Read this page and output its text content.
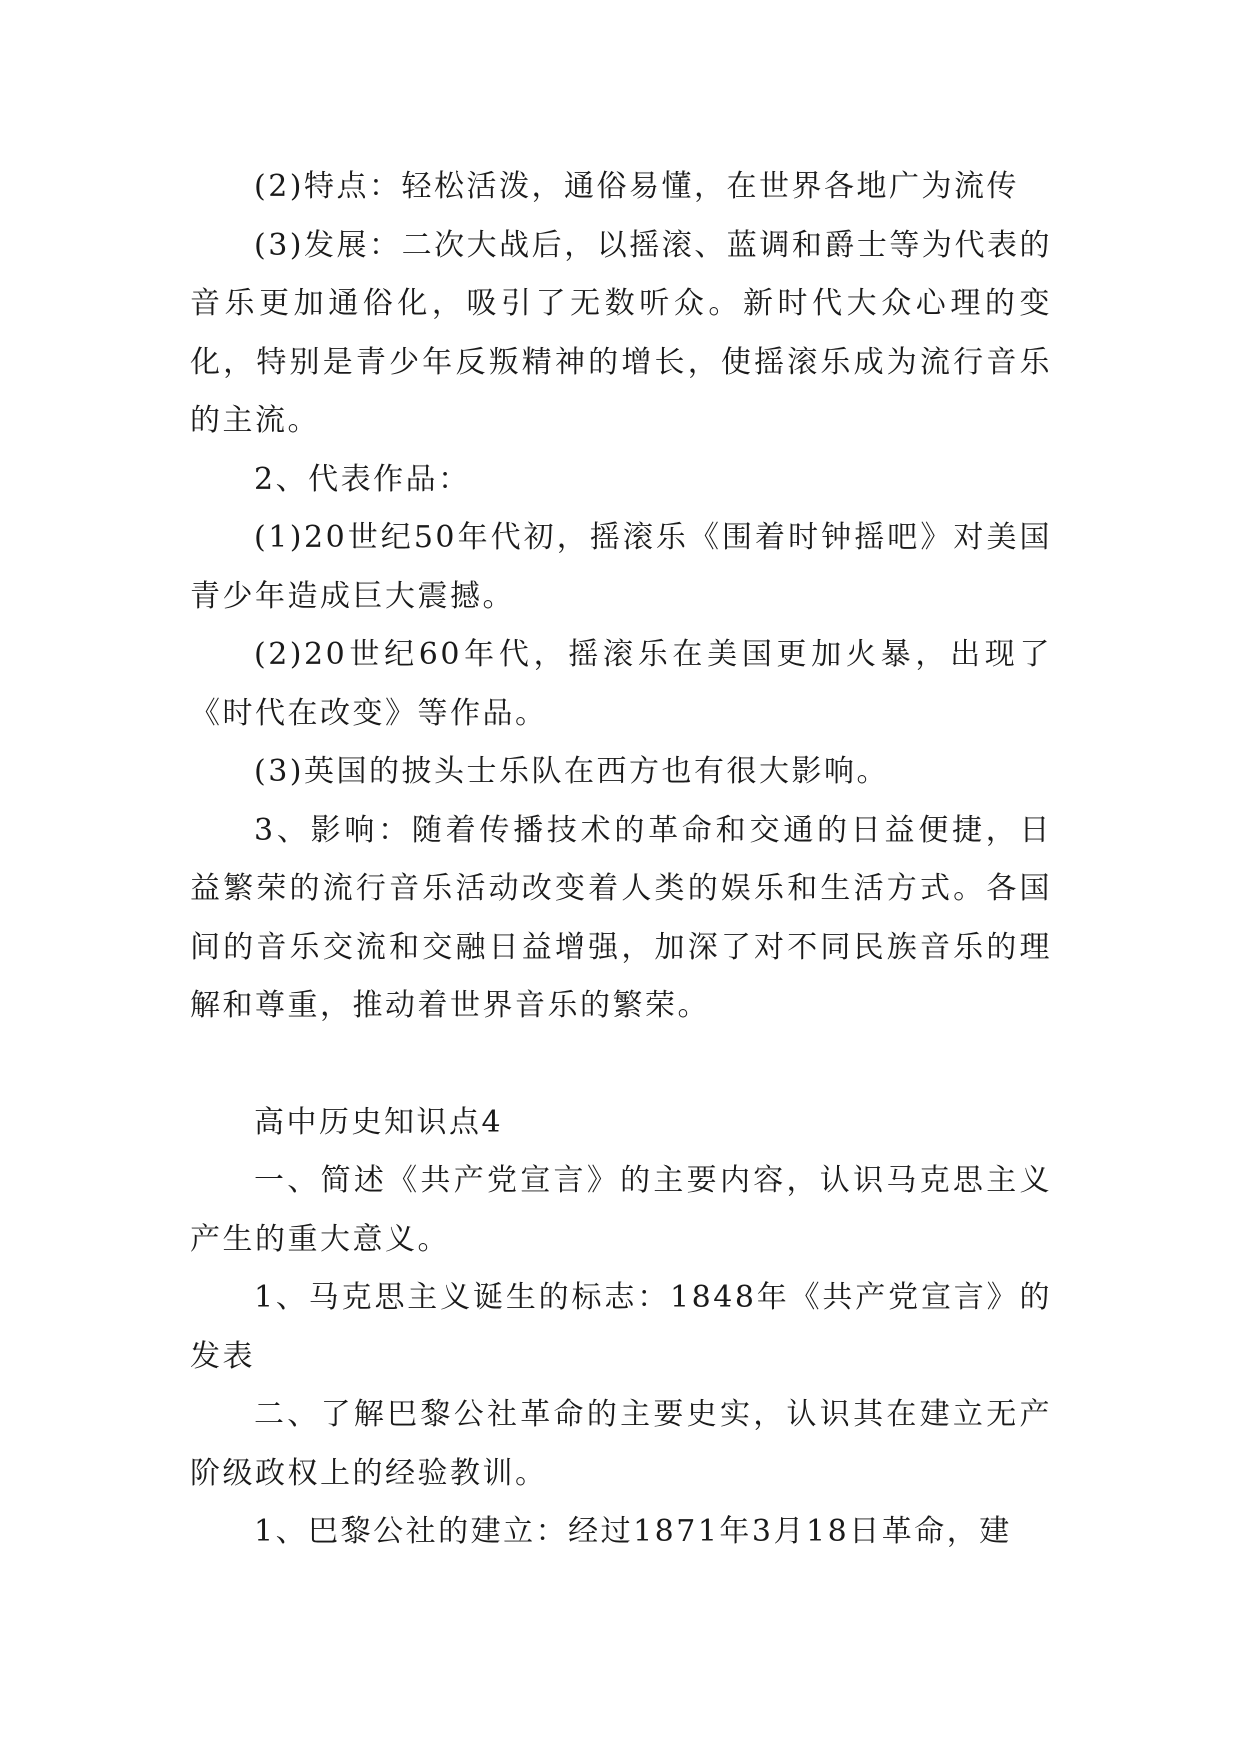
(2)特点：轻松活泼，通俗易懂，在世界各地广为流传

(3)发展：二次大战后，以摇滚、蓝调和爵士等为代表的音乐更加通俗化，吸引了无数听众。新时代大众心理的变化，特别是青少年反叛精神的增长，使摇滚乐成为流行音乐的主流。

2、代表作品：

(1)20世纪50年代初，摇滚乐《围着时钟摇吧》对美国青少年造成巨大震撼。

(2)20世纪60年代，摇滚乐在美国更加火暴，出现了《时代在改变》等作品。

(3)英国的披头士乐队在西方也有很大影响。

3、影响：随着传播技术的革命和交通的日益便捷，日益繁荣的流行音乐活动改变着人类的娱乐和生活方式。各国间的音乐交流和交融日益增强，加深了对不同民族音乐的理解和尊重，推动着世界音乐的繁荣。

高中历史知识点4

一、简述《共产党宣言》的主要内容，认识马克思主义产生的重大意义。

1、马克思主义诞生的标志：1848年《共产党宣言》的发表

二、了解巴黎公社革命的主要史实，认识其在建立无产阶级政权上的经验教训。

1、巴黎公社的建立：经过1871年3月18日革命，建
